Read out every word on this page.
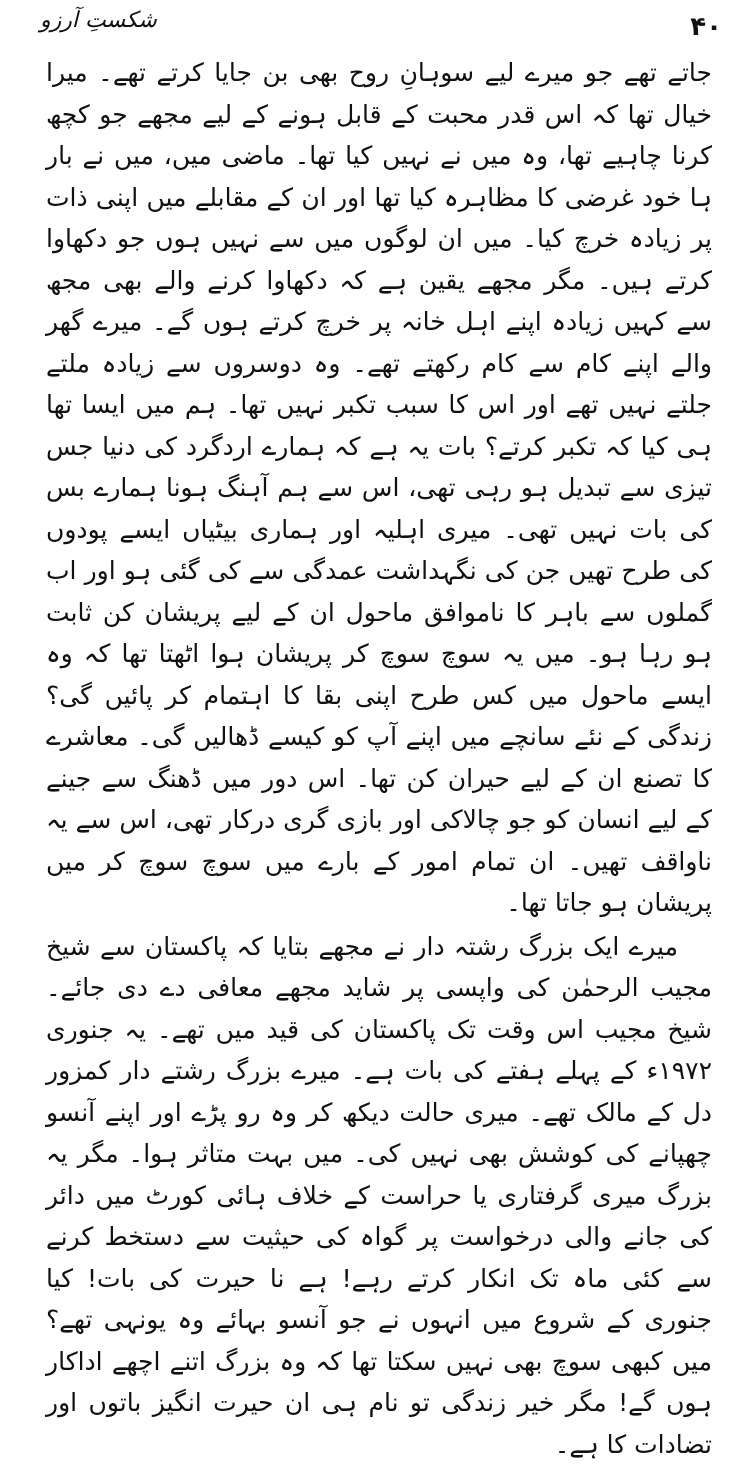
شکستِ آرزو	۴۰

جاتے تھے جو میرے لیے سوہانِ روح بھی بن جایا کرتے تھے۔ میرا خیال تھا کہ اس قدر محبت کے قابل ہونے کے لیے مجھے جو کچھ کرنا چاہیے تھا، وہ میں نے نہیں کیا تھا۔ ماضی میں، میں نے بار ہا خود غرضی کا مظاہرہ کیا تھا اور ان کے مقابلے میں اپنی ذات پر زیادہ خرچ کیا۔ میں ان لوگوں میں سے نہیں ہوں جو دکھاوا کرتے ہیں۔ مگر مجھے یقین ہے کہ دکھاوا کرنے والے بھی مجھ سے کہیں زیادہ اپنے اہل خانہ پر خرچ کرتے ہوں گے۔ میرے گھر والے اپنے کام سے کام رکھتے تھے۔ وہ دوسروں سے زیادہ ملتے جلتے نہیں تھے اور اس کا سبب تکبر نہیں تھا۔ ہم میں ایسا تھا ہی کیا کہ تکبر کرتے؟ بات یہ ہے کہ ہمارے اردگرد کی دنیا جس تیزی سے تبدیل ہو رہی تھی، اس سے ہم آہنگ ہونا ہمارے بس کی بات نہیں تھی۔ میری اہلیہ اور ہماری بیٹیاں ایسے پودوں کی طرح تھیں جن کی نگہداشت عمدگی سے کی گئی ہو اور اب گملوں سے باہر کا ناموافق ماحول ان کے لیے پریشان کن ثابت ہو رہا ہو۔ میں یہ سوچ سوچ کر پریشان ہوا اٹھتا تھا کہ وہ ایسے ماحول میں کس طرح اپنی بقا کا اہتمام کر پائیں گی؟ زندگی کے نئے سانچے میں اپنے آپ کو کیسے ڈھالیں گی۔ معاشرے کا تصنع ان کے لیے حیران کن تھا۔ اس دور میں ڈھنگ سے جینے کے لیے انسان کو جو چالاکی اور بازی گری درکار تھی، اس سے یہ ناواقف تھیں۔ ان تمام امور کے بارے میں سوچ سوچ کر میں پریشان ہو جاتا تھا۔

میرے ایک بزرگ رشتہ دار نے مجھے بتایا کہ پاکستان سے شیخ مجیب الرحمٰن کی واپسی پر شاید مجھے معافی دے دی جائے۔ شیخ مجیب اس وقت تک پاکستان کی قید میں تھے۔ یہ جنوری ۱۹۷۲ء کے پہلے ہفتے کی بات ہے۔ میرے بزرگ رشتے دار کمزور دل کے مالک تھے۔ میری حالت دیکھ کر وہ رو پڑے اور اپنے آنسو چھپانے کی کوشش بھی نہیں کی۔ میں بہت متاثر ہوا۔ مگر یہ بزرگ میری گرفتاری یا حراست کے خلاف ہائی کورٹ میں دائر کی جانے والی درخواست پر گواہ کی حیثیت سے دستخط کرنے سے کئی ماہ تک انکار کرتے رہے! ہے نا حیرت کی بات! کیا جنوری کے شروع میں انہوں نے جو آنسو بہائے وہ یونہی تھے؟ میں کبھی سوچ بھی نہیں سکتا تھا کہ وہ بزرگ اتنے اچھے اداکار ہوں گے! مگر خیر زندگی تو نام ہی ان حیرت انگیز باتوں اور تضادات کا ہے۔
